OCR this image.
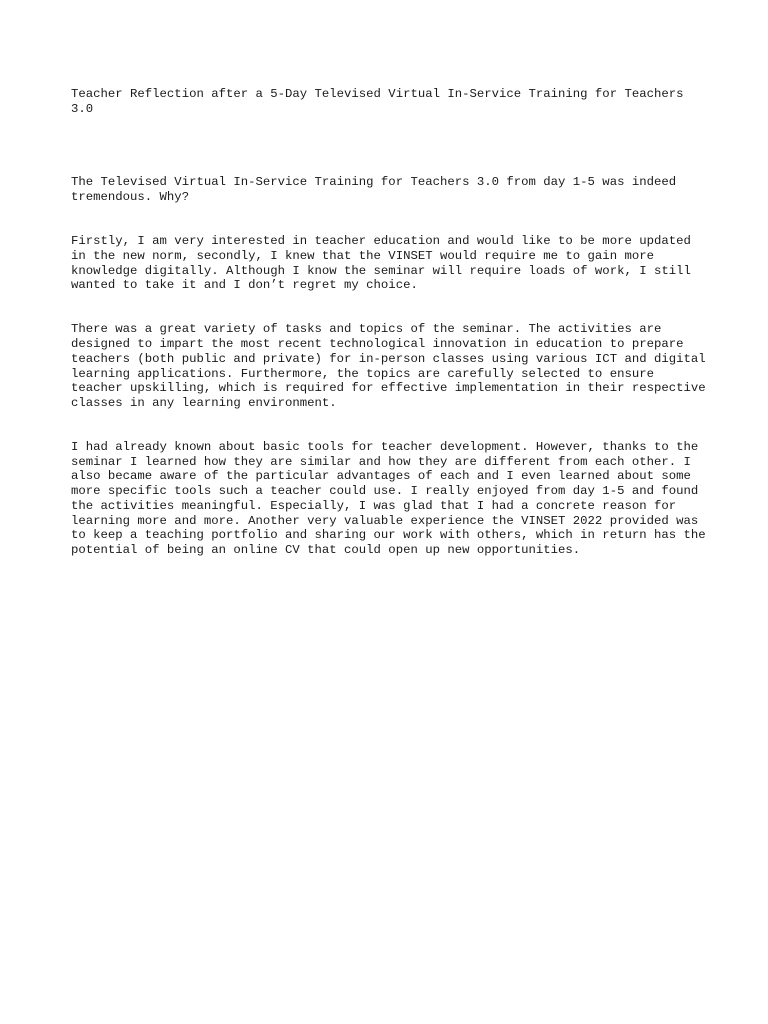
Teacher Reflection after a 5-Day Televised Virtual In-Service Training for Teachers 3.0

The Televised Virtual In-Service Training for Teachers 3.0 from day 1-5 was indeed tremendous. Why?

Firstly, I am very interested in teacher education and would like to be more updated in the new norm, secondly, I knew that the VINSET would require me to gain more knowledge digitally. Although I know the seminar will require loads of work, I still wanted to take it and I don’t regret my choice.

There was a great variety of tasks and topics of the seminar. The activities are designed to impart the most recent technological innovation in education to prepare teachers (both public and private) for in-person classes using various ICT and digital learning applications. Furthermore, the topics are carefully selected to ensure teacher upskilling, which is required for effective implementation in their respective classes in any learning environment.

I had already known about basic tools for teacher development. However, thanks to the seminar I learned how they are similar and how they are different from each other. I also became aware of the particular advantages of each and I even learned about some more specific tools such a teacher could use. I really enjoyed from day 1-5 and found the activities meaningful. Especially, I was glad that I had a concrete reason for learning more and more. Another very valuable experience the VINSET 2022 provided was to keep a teaching portfolio and sharing our work with others, which in return has the potential of being an online CV that could open up new opportunities.
